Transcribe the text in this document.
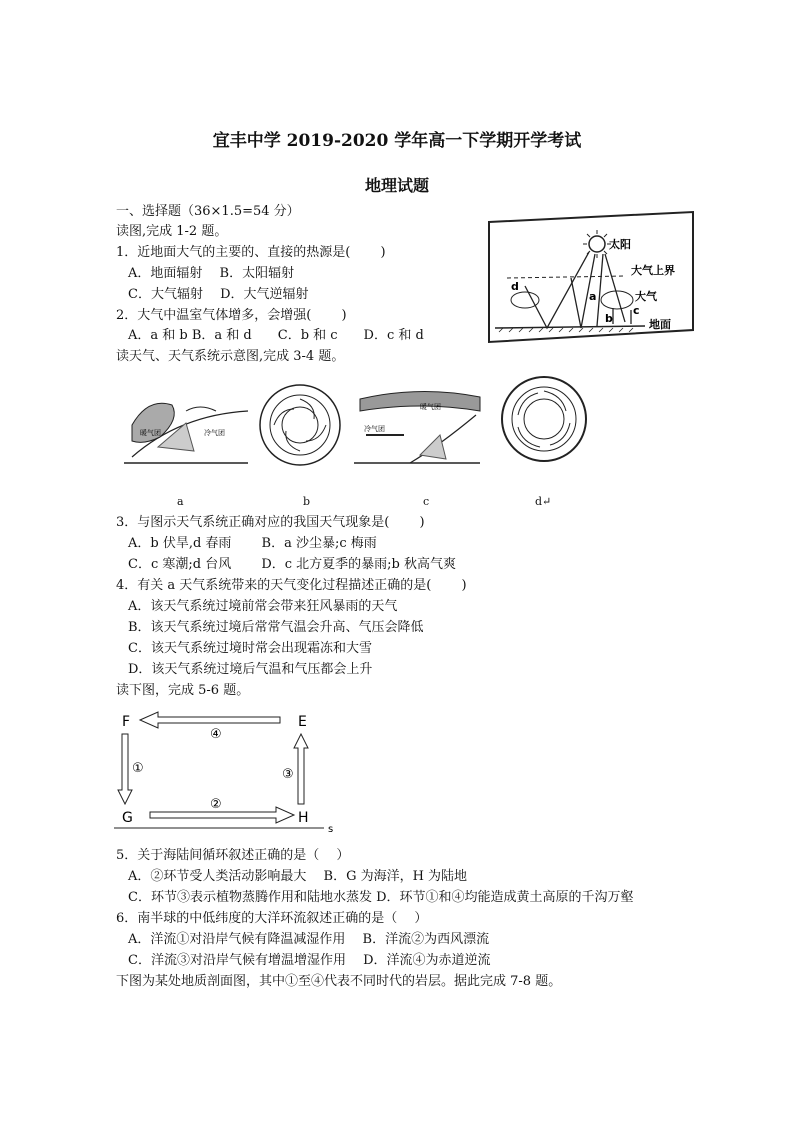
宜丰中学 2019-2020 学年高一下学期开学考试
地理试题
一、选择题（36×1.5=54 分）
读图,完成 1-2 题。
1．近地面大气的主要的、直接的热源是(　　 )
A．地面辐射　 B．太阳辐射
C．大气辐射　 D．大气逆辐射
2．大气中温室气体增多，会增强(　　 )
A．a 和 b B．a 和 d　　C．b 和 c　　D．c 和 d
读天气、天气系统示意图,完成 3-4 题。
太阳
大气上界
大气
d
a
b
c
地面
暖气团	冷气团	冷气团
暖气团
a	b	c	d↵
3．与图示天气系统正确对应的我国天气现象是(　　 )
A．b 伏旱,d 春雨　　 B．a 沙尘暴;c 梅雨
C．c 寒潮;d 台风　　 D．c 北方夏季的暴雨;b 秋高气爽
4．有关 a 天气系统带来的天气变化过程描述正确的是(　　 )
A．该天气系统过境前常会带来狂风暴雨的天气
B．该天气系统过境后常常气温会升高、气压会降低
C．该天气系统过境时常会出现霜冻和大雪
D．该天气系统过境后气温和气压都会上升
读下图，完成 5-6 题。
F	E
G	H
s
④
①
②
③
5．关于海陆间循环叙述正确的是（　 ）
A．②环节受人类活动影响最大　 B．G 为海洋，H 为陆地
C．环节③表示植物蒸腾作用和陆地水蒸发 D．环节①和④均能造成黄土高原的千沟万壑
6．南半球的中低纬度的大洋环流叙述正确的是（　 ）
A．洋流①对沿岸气候有降温减湿作用　 B．洋流②为西风漂流
C．洋流③对沿岸气候有增温增湿作用　 D．洋流④为赤道逆流
下图为某处地质剖面图，其中①至④代表不同时代的岩层。据此完成 7-8 题。
